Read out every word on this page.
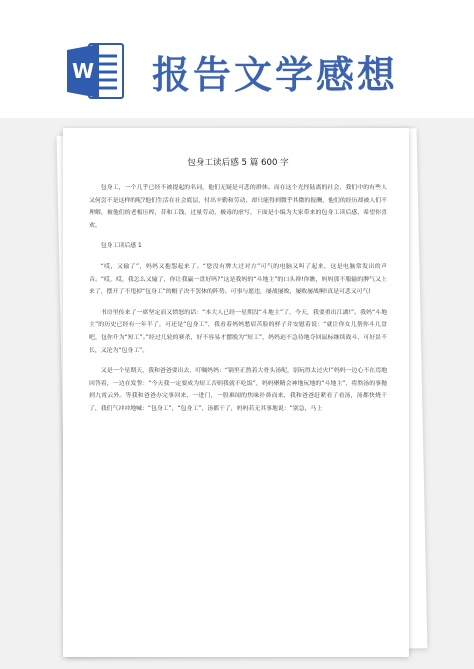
W 报告文学感想
包身工读后感 5 篇 600 字

包身工，一个几乎已经不被提起的名词，他们无疑是可悲的群体。而在这个光怪陆离的社会，我们中的有些人又何尝不是这样的呢?他们生活在社会底层，付出辛勤和劳动，却只能得到微乎其微的报酬，他们的经历却被人们不理解，被他们的老板压榨，昔和工钱，过量劳动，极毒的虐写，下面是小编为大家带来的包身工读后感，希望你喜欢。

包身工读后感 1

“哎，又输了”，妈妈又抱怨起来了。“您没有牌大过对方”可气的电脑又叫了起来，这是电脑常发出的声音。“哎，哎，我怎么又输了，你让我赢一盘好吗?”这是我妈的“斗地主”的口头禅!你瞧，妈妈那不服输的脾气又上来了，摆开了不甩掉“包身工”的帽子决不罢休的阵势。可事与愿违，屡战屡败，屡败屡战啊!真是可悲又可气!

书房里传来了一席坚定而又愤怒的话：“本大人已经一星期没“斗地主”了，今天，我要重出江湖!”。我妈“斗地主”的历史已经有一年半了，可还是“包身工”，我看着妈妈愁眉苦脸的样子并安慰着说：“就让你女儿帮你斗几盘吧，包你升为“短工”。”经过几轮的赛杀，好不容易才摆脱为“短工”，妈妈迫不急待地夺回鼠标继续战斗，可好景不长，又沦为“包身工”。

又是一个星期天，我和爸爸要出去，叮嘱妈妈：“锅里正熬着大骨头汤呢，别玩得太过火!”妈妈一边心不在焉地回答着，一边在发誓：“今天我一定要成为短工否则我就不吃饭”，妈妈聚精会神地玩地的“斗地主”，将熬汤的事抛到九霄云外。等我和爸爸办完事回来，一进门，一股难闻的焦味扑鼻而来，我和爸爸赶紧看了看汤，汤都快烧干了，我们气冲冲地喊：“包身工”，“包身工”，汤都干了，妈妈若无其事地说：“别急，马上
